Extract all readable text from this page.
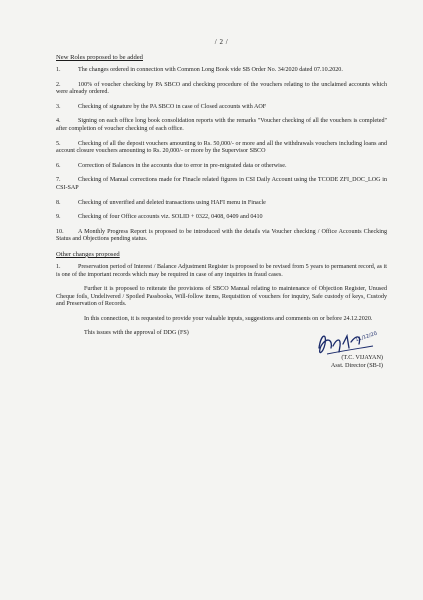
/ 2 /
New Roles proposed to be added

1.	The changes ordered in connection with Common Long Book vide SB Order No. 34/2020 dated 07.10.2020.

2.	100% of voucher checking by PA SBCO and checking procedure of the vouchers relating to the unclaimed accounts which were already ordered.

3.	Checking of signature by the PA SBCO in case of Closed accounts with AOF

4.	Signing on each office long book consolidation reports with the remarks "Voucher checking of all the vouchers is completed" after completion of voucher checking of each office.

5.	Checking of all the deposit vouchers amounting to Rs. 50,000/- or more and all the withdrawals vouchers including loans and account closure vouchers amounting to Rs. 20,000/- or more by the Supervisor SBCO

6.	Correction of Balances in the accounts due to error in pre-migrated data or otherwise.

7.	Checking of Manual corrections made for Finacle related figures in CSI Daily Account using the TCODE ZFI_DOC_LOG in CSI-SAP

8.	Checking of unverified and deleted transactions using HAFI menu in Finacle

9.	Checking of four Office accounts viz. SOLID + 0322, 0408, 0409 and 0410

10. A Monthly Progress Report is proposed to be introduced with the details via Voucher checking / Office Accounts Checking Status and Objections pending status.

Other changes proposed

1.	Preservation period of Interest / Balance Adjustment Register is proposed to be revised from 5 years to permanent record, as it is one of the important records which may be required in case of any inquiries in fraud cases.

Further it is proposed to reiterate the provisions of SBCO Manual relating to maintenance of Objection Register, Unused Cheque foils, Undelivered / Spoiled Passbooks, Will-follow items, Requisition of vouchers for inquiry, Safe custody of keys, Custody and Preservation of Records.

In this connection, it is requested to provide your valuable inputs, suggestions and comments on or before 24.12.2020.

This issues with the approval of DDG (FS)	11/12/20
(T.C. VIJAYAN)
Asst. Director (SB-I)
